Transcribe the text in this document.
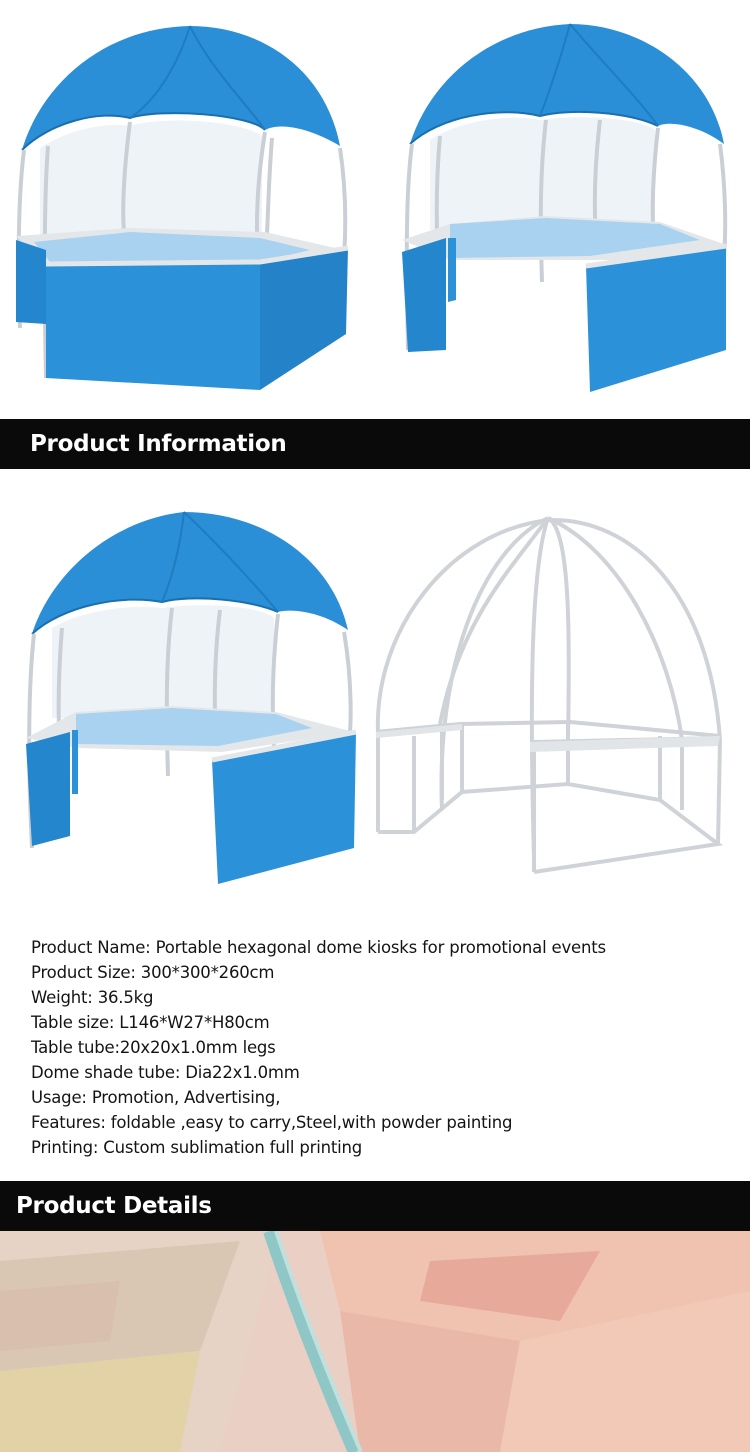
Product Information
Product Name: Portable hexagonal dome kiosks for promotional events
Product Size: 300*300*260cm
Weight: 36.5kg
Table size: L146*W27*H80cm
Table tube:20x20x1.0mm legs
Dome shade tube: Dia22x1.0mm
Usage: Promotion, Advertising,
Features: foldable ,easy to carry,Steel,with powder painting
Printing: Custom sublimation full printing
Product Details
